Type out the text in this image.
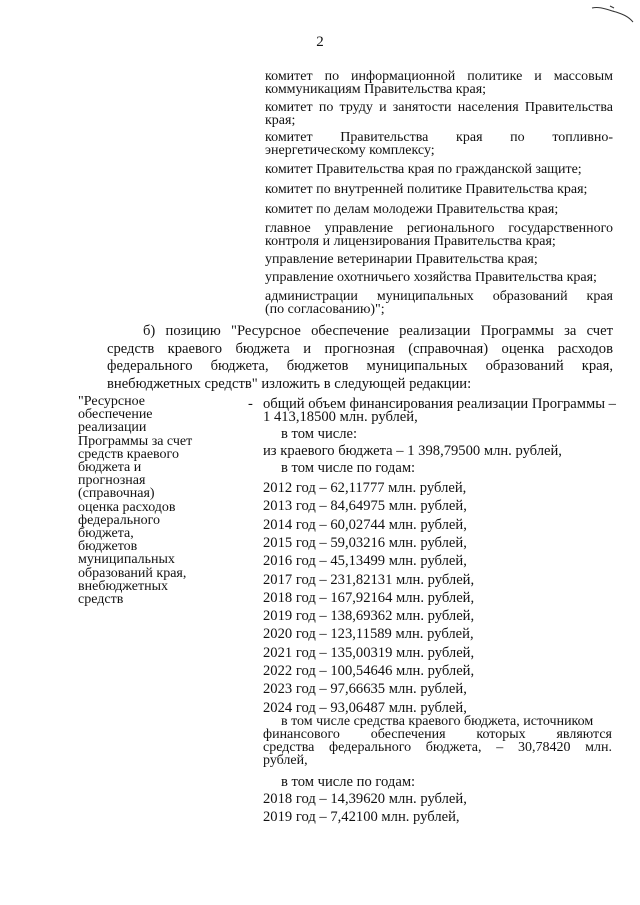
2
комитет по информационной политике и массовым
коммуникациям Правительства края;
комитет по труду и занятости населения Правительства
края;
комитет Правительства края по топливно-
энергетическому комплексу;
комитет Правительства края по гражданской защите;
комитет по внутренней политике Правительства края;
комитет по делам молодежи Правительства края;
главное управление регионального государственного
контроля и лицензирования Правительства края;
управление ветеринарии Правительства края;
управление охотничьего хозяйства Правительства края;
администрации муниципальных образований края
(по согласованию)";
б) позицию "Ресурсное обеспечение реализации Программы за счет
средств краевого бюджета и прогнозная (справочная) оценка расходов
федерального бюджета, бюджетов муниципальных образований края,
внебюджетных средств" изложить в следующей редакции:
"Ресурсное
обеспечение
реализации
Программы за счет
средств краевого
бюджета и
прогнозная
(справочная)
оценка расходов
федерального
бюджета,
бюджетов
муниципальных
образований края,
внебюджетных
средств
- общий объем финансирования реализации Программы –
1 413,18500 млн. рублей,
в том числе:
из краевого бюджета – 1 398,79500 млн. рублей,
в том числе по годам:
2012 год – 62,11777 млн. рублей,
2013 год – 84,64975 млн. рублей,
2014 год – 60,02744 млн. рублей,
2015 год – 59,03216 млн. рублей,
2016 год – 45,13499 млн. рублей,
2017 год – 231,82131 млн. рублей,
2018 год – 167,92164 млн. рублей,
2019 год – 138,69362 млн. рублей,
2020 год – 123,11589 млн. рублей,
2021 год – 135,00319 млн. рублей,
2022 год – 100,54646 млн. рублей,
2023 год – 97,66635 млн. рублей,
2024 год – 93,06487 млн. рублей,
в том числе средства краевого бюджета, источником
финансового обеспечения которых являются
средства федерального бюджета, – 30,78420 млн.
рублей,
в том числе по годам:
2018 год – 14,39620 млн. рублей,
2019 год – 7,42100 млн. рублей,
